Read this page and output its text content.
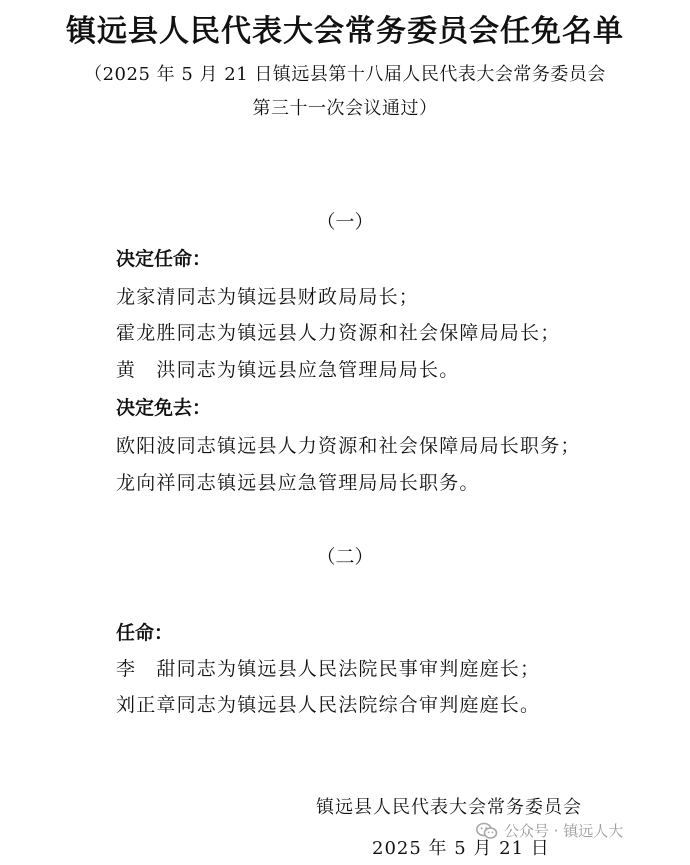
镇远县人民代表大会常务委员会任免名单
（2025 年 5 月 21 日镇远县第十八届人民代表大会常务委员会
第三十一次会议通过）
（一）
决定任命：
龙家清同志为镇远县财政局局长；
霍龙胜同志为镇远县人力资源和社会保障局局长；
黄　洪同志为镇远县应急管理局局长。
决定免去：
欧阳波同志镇远县人力资源和社会保障局局长职务；
龙向祥同志镇远县应急管理局局长职务。
（二）
任命：
李　甜同志为镇远县人民法院民事审判庭庭长；
刘正章同志为镇远县人民法院综合审判庭庭长。
镇远县人民代表大会常务委员会
2025 年 5 月 21 日
公众号 · 镇远人大
